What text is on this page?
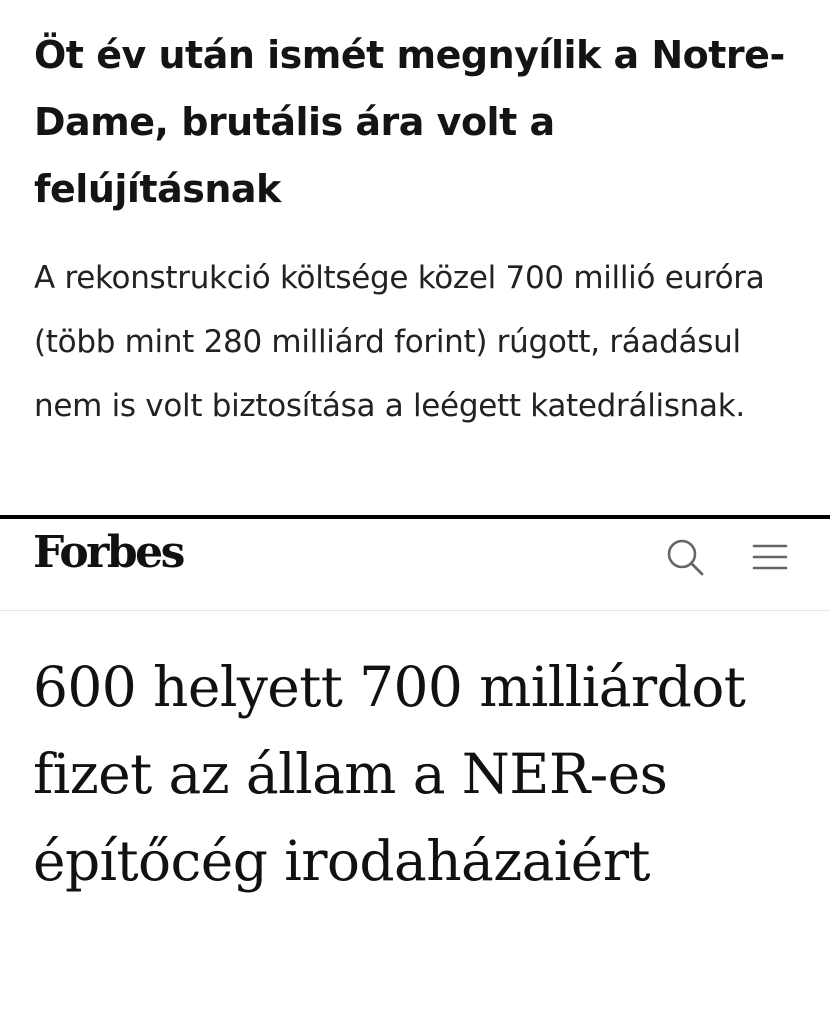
Öt év után ismét megnyílik a Notre-Dame, brutális ára volt a felújításnak

A rekonstrukció költsége közel 700 millió euróra (több mint 280 milliárd forint) rúgott, ráadásul nem is volt biztosítása a leégett katedrálisnak.

Forbes
600 helyett 700 milliárdot fizet az állam a NER-es építőcég irodaházaiért
